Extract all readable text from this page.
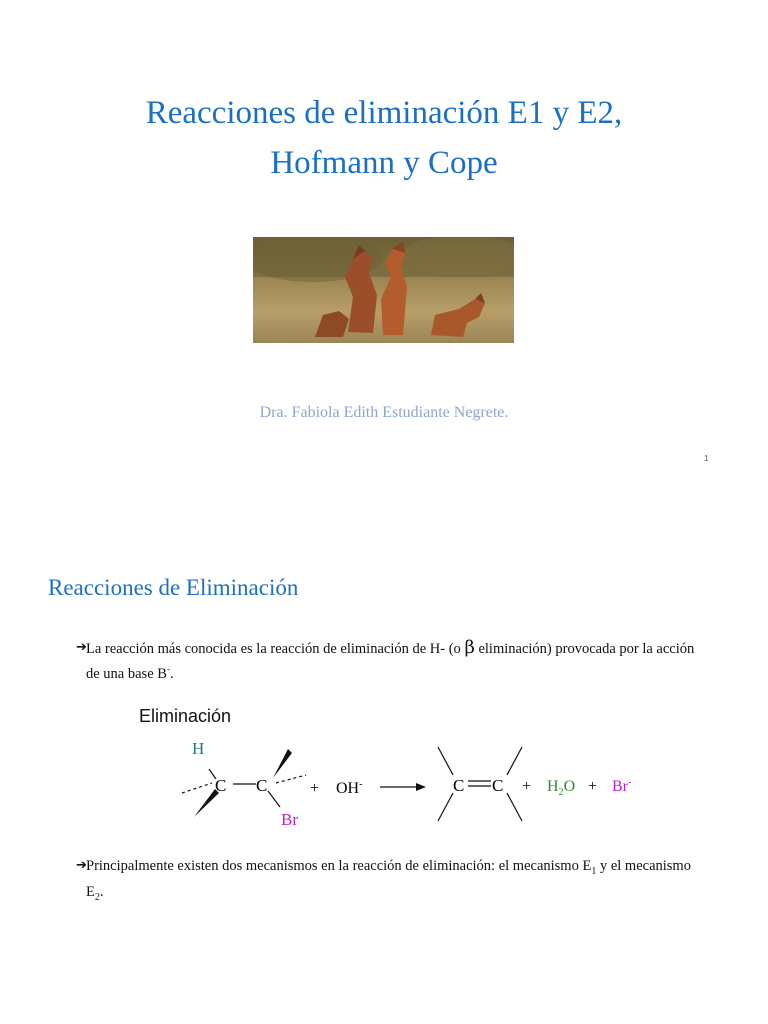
Reacciones de eliminación E1 y E2,
Hofmann y Cope
Dra. Fabiola Edith Estudiante Negrete.
1
Reacciones de Eliminación
➔ La reacción más conocida es la reacción de eliminación de H- (o β eliminación) provocada por la acción de una base B-.
Eliminación
H
C C
Br
+ OH-	C $C + H_2O + Br^-$
➔ Principalmente existen dos mecanismos en la reacción de eliminación: el mecanismo $E_1$ y el mecanismo $E_2$.
